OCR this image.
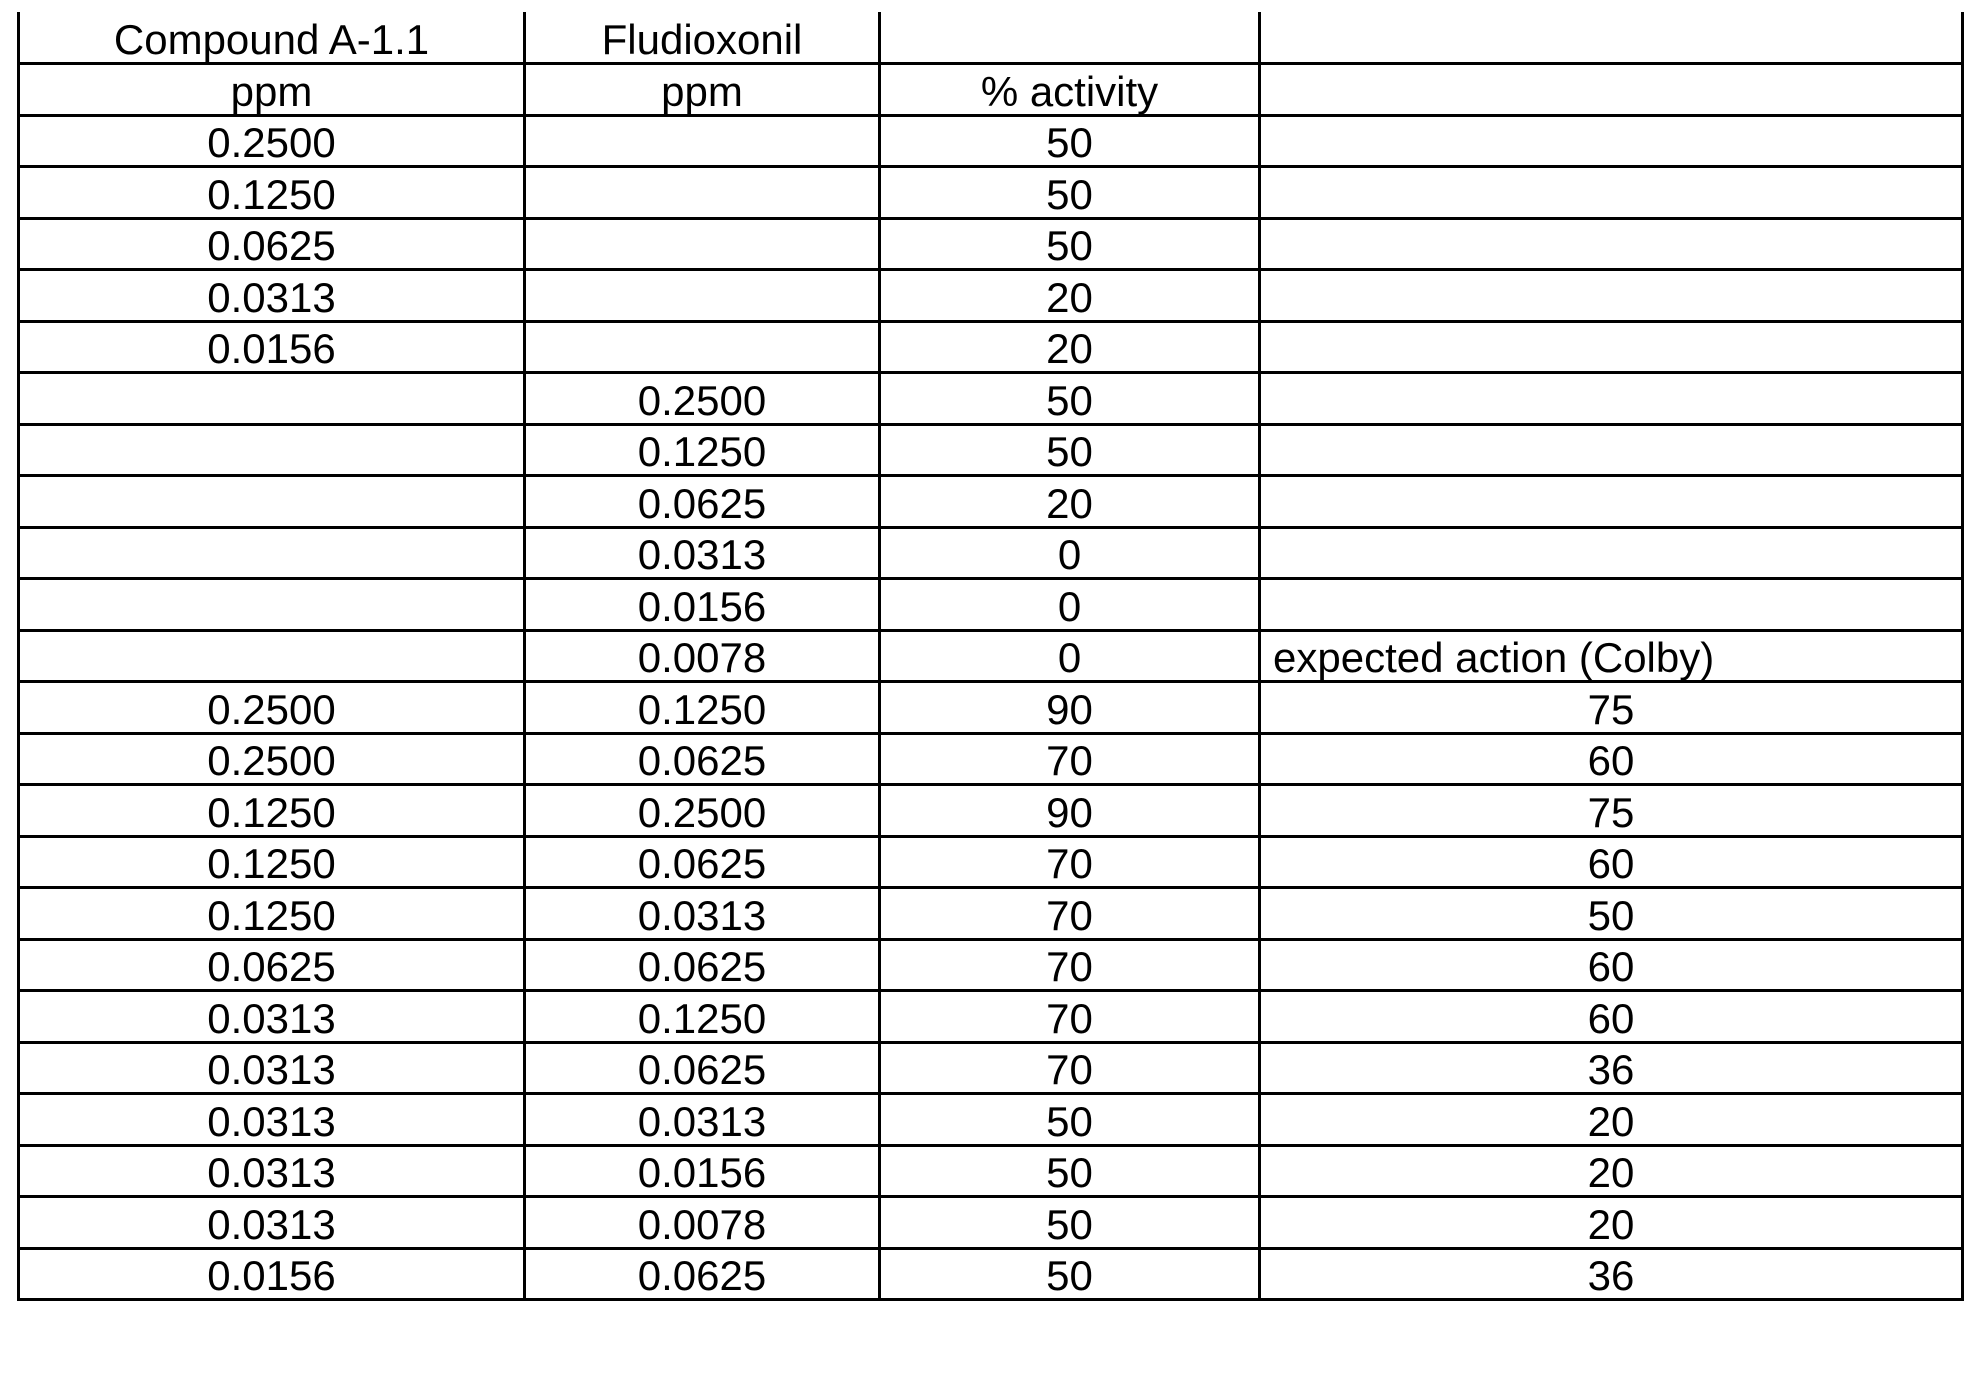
Compound A-1.1	Fludioxonil		
ppm	ppm	% activity	
0.2500		50	
0.1250		50	
0.0625		50	
0.0313		20	
0.0156		20	
	0.2500	50	
	0.1250	50	
	0.0625	20	
	0.0313	0	
	0.0156	0	
	0.0078	0	expected action (Colby)
0.2500	0.1250	90	75
0.2500	0.0625	70	60
0.1250	0.2500	90	75
0.1250	0.0625	70	60
0.1250	0.0313	70	50
0.0625	0.0625	70	60
0.0313	0.1250	70	60
0.0313	0.0625	70	36
0.0313	0.0313	50	20
0.0313	0.0156	50	20
0.0313	0.0078	50	20
0.0156	0.0625	50	36
